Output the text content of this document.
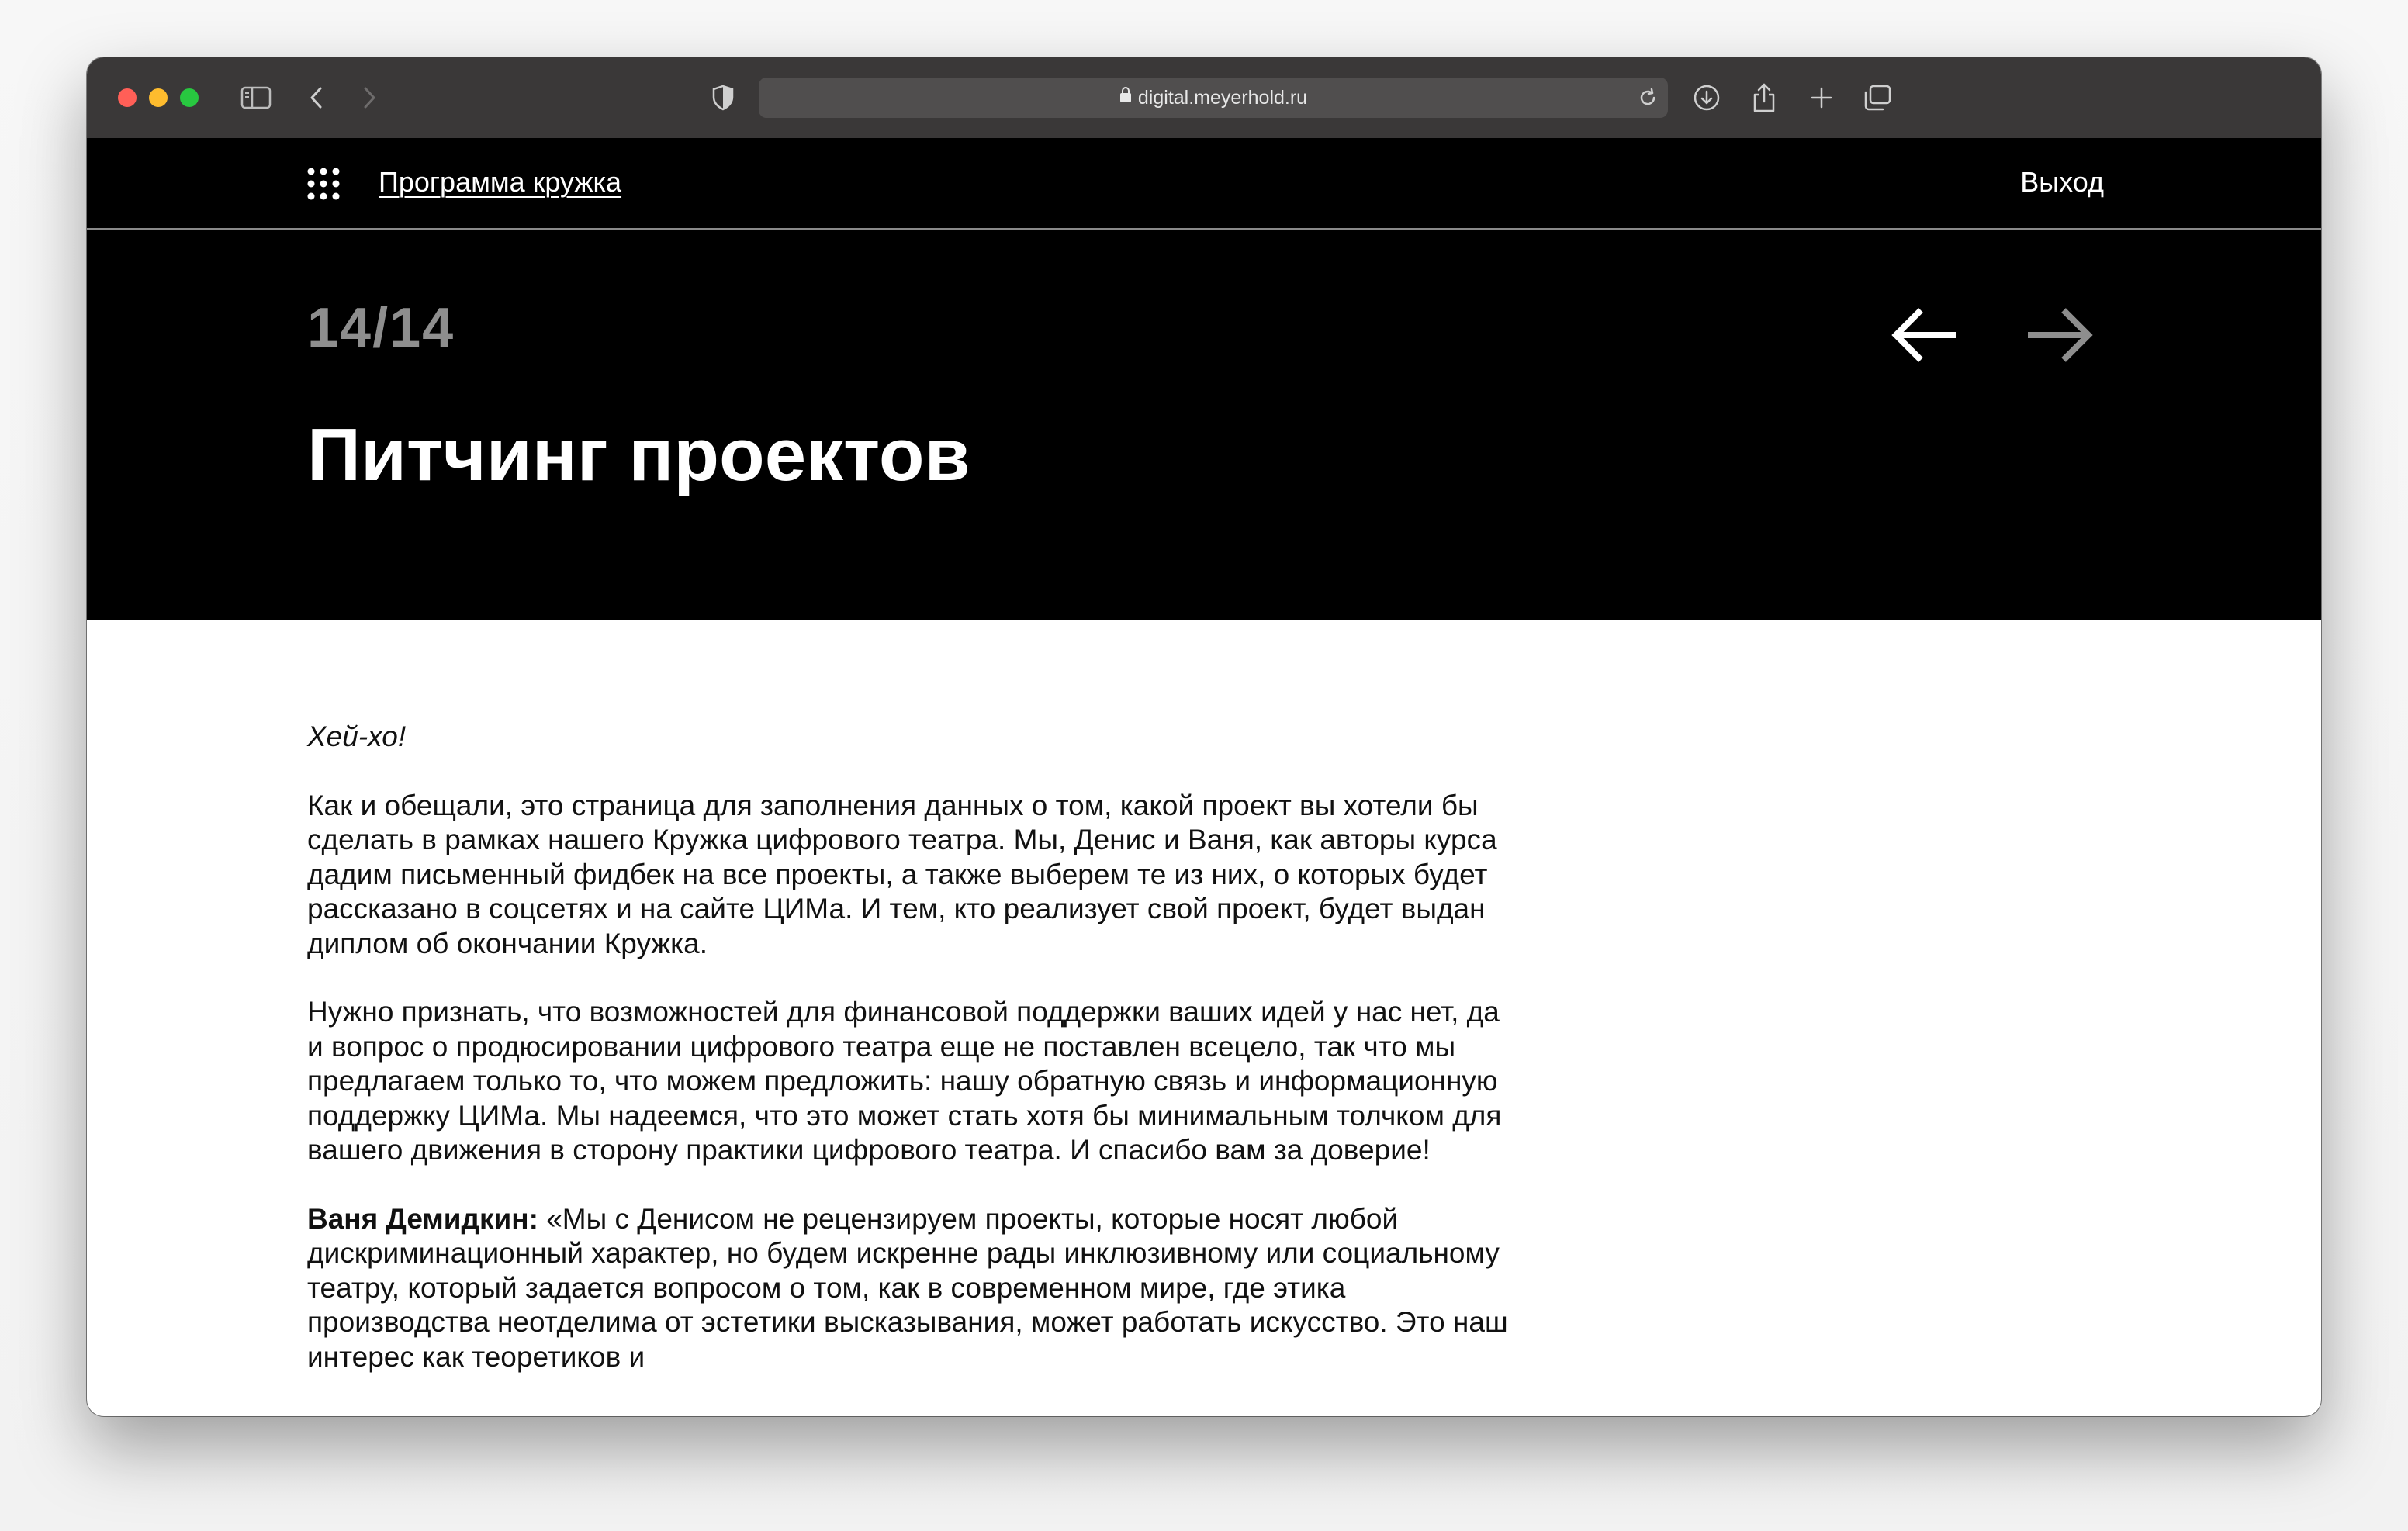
digital.meyerhold.ru
Программа кружка	Выход
14/14
Питчинг проектов

Хей-хо!

Как и обещали, это страница для заполнения данных о том, какой проект вы хотели бы сделать в рамках нашего Кружка цифрового театра. Мы, Денис и Ваня, как авторы курса дадим письменный фидбек на все проекты, а также выберем те из них, о которых будет рассказано в соцсетях и на сайте ЦИМа. И тем, кто реализует свой проект, будет выдан диплом об окончании Кружка.

Нужно признать, что возможностей для финансовой поддержки ваших идей у нас нет, да и вопрос о продюсировании цифрового театра еще не поставлен всецело, так что мы предлагаем только то, что можем предложить: нашу обратную связь и информационную поддержку ЦИМа. Мы надеемся, что это может стать хотя бы минимальным толчком для вашего движения в сторону практики цифрового театра. И спасибо вам за доверие!

Ваня Демидкин: «Мы с Денисом не рецензируем проекты, которые носят любой дискриминационный характер, но будем искренне рады инклюзивному или социальному театру, который задается вопросом о том, как в современном мире, где этика производства неотделима от эстетики высказывания, может работать искусство. Это наш интерес как теоретиков и
